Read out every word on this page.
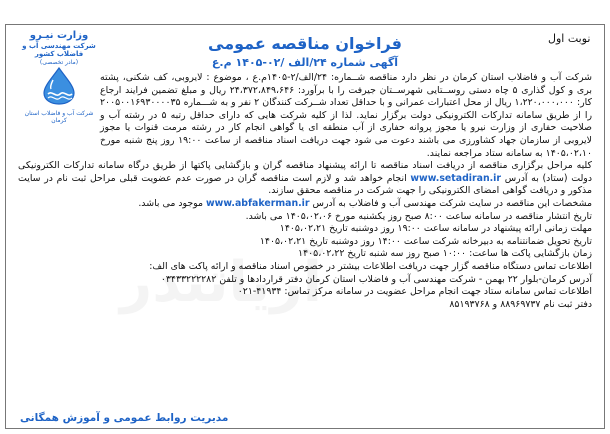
نوبت اول
فراخوان مناقصه عمومی
آگهی شماره ۲۴/الف /۰۲-۱۴۰۵ م.ع
وزارت نیـرو
شرکت مهندسی آب و فاضلاب کشور
(مادر تخصصی)
شرکت آب و فاضلاب استان کرمان

شرکت آب و فاضلاب استان کرمان در نظر دارد مناقصه شــماره: ۲۴/الف/۲-۱۴۰۵م.ع ، موضوع : لایروبی، کف شکنی، پشته بری و کول گذاری ۵ چاه دستی روســتایی شهرســتان جیرفت را با برآورد: ۲۴،۳۷۲،۸۴۹،۶۴۶ ریال و مبلغ تضمین فرایند ارجاع کار: ۱،۲۲۰،۰۰۰،۰۰۰ ریال از محل اعتبارات عمرانی و با حداقل تعداد شــرکت کنندگان ۲ نفر و به شـــماره ۲۰۰۵۰۰۱۶۹۳۰۰۰۰۳۵ را از طریق سامانه تدارکات الکترونیکی دولت برگزار نماید. لذا از کلیه شرکت هایی که دارای حداقل رتبه ۵ در رشته آب و صلاحیت حفاری از وزارت نیرو یا مجوز پروانه حفاری از آب منطقه ای یا گواهی انجام کار در رشته مرمت قنوات یا مجوز لایروبی از سازمان جهاد کشاورزی می باشند دعوت می شود جهت دریافت اسناد مناقصه از ساعت ۱۹:۰۰ روز پنج شنبه مورخ ۱۴۰۵،۰۲،۱۰ به سامانه ستاد مراجعه نمایند.

کلیه مراحل برگزاری مناقصه از دریافت اسناد مناقصه تا ارائه پیشنهاد مناقصه گران و بازگشایی پاکتها از طریق درگاه سامانه تدارکات الکترونیکی دولت (ستاد) به آدرس www.setadiran.ir انجام خواهد شد و لازم است مناقصه گران در صورت عدم عضویت قبلی مراحل ثبت نام در سایت مذکور و دریافت گواهی امضای الکترونیکی را جهت شرکت در مناقصه محقق سازند.

مشخصات این مناقصه در سایت شرکت مهندسی آب و فاضلاب به آدرس www.abfakerman.ir موجود می باشد.

تاریخ انتشار مناقصه در سامانه ساعت ۸:۰۰ صبح روز یکشنبه مورخ ۱۴۰۵،۰۲،۰۶ می باشد.

مهلت زمانی ارائه پیشنهاد در سامانه ساعت ۱۹:۰۰ روز دوشنبه تاریخ ۱۴۰۵،۰۲،۲۱

تاریخ تحویل ضمانتنامه به دبیرخانه شرکت ساعت ۱۴:۰۰ روز دوشنبه تاریخ ۱۴۰۵،۰۲،۲۱

زمان بازگشایی پاکت ها ساعت: ۱۰:۰۰ صبح روز سه شنبه تاریخ ۱۴۰۵،۰۲،۲۲

اطلاعات تماس دستگاه مناقصه گزار جهت دریافت اطلاعات بیشتر در خصوص اسناد مناقصه و ارائه پاکت های الف:

آدرس کرمان-بلوار ۲۲ بهمن - شرکت مهندسی آب و فاضلاب استان کرمان دفتر قراردادها و تلفن ۰۳۴۳۳۲۲۲۲۸۲

اطلاعات تماس سامانه ستاد جهت انجام مراحل عضویت در سامانه مرکز تماس: ۴۱۹۳۴-۰۲۱

دفتر ثبت نام ۸۸۹۶۹۷۳۷ و ۸۵۱۹۳۷۶۸

مدیریت روابط عمومی و آموزش همگانی
